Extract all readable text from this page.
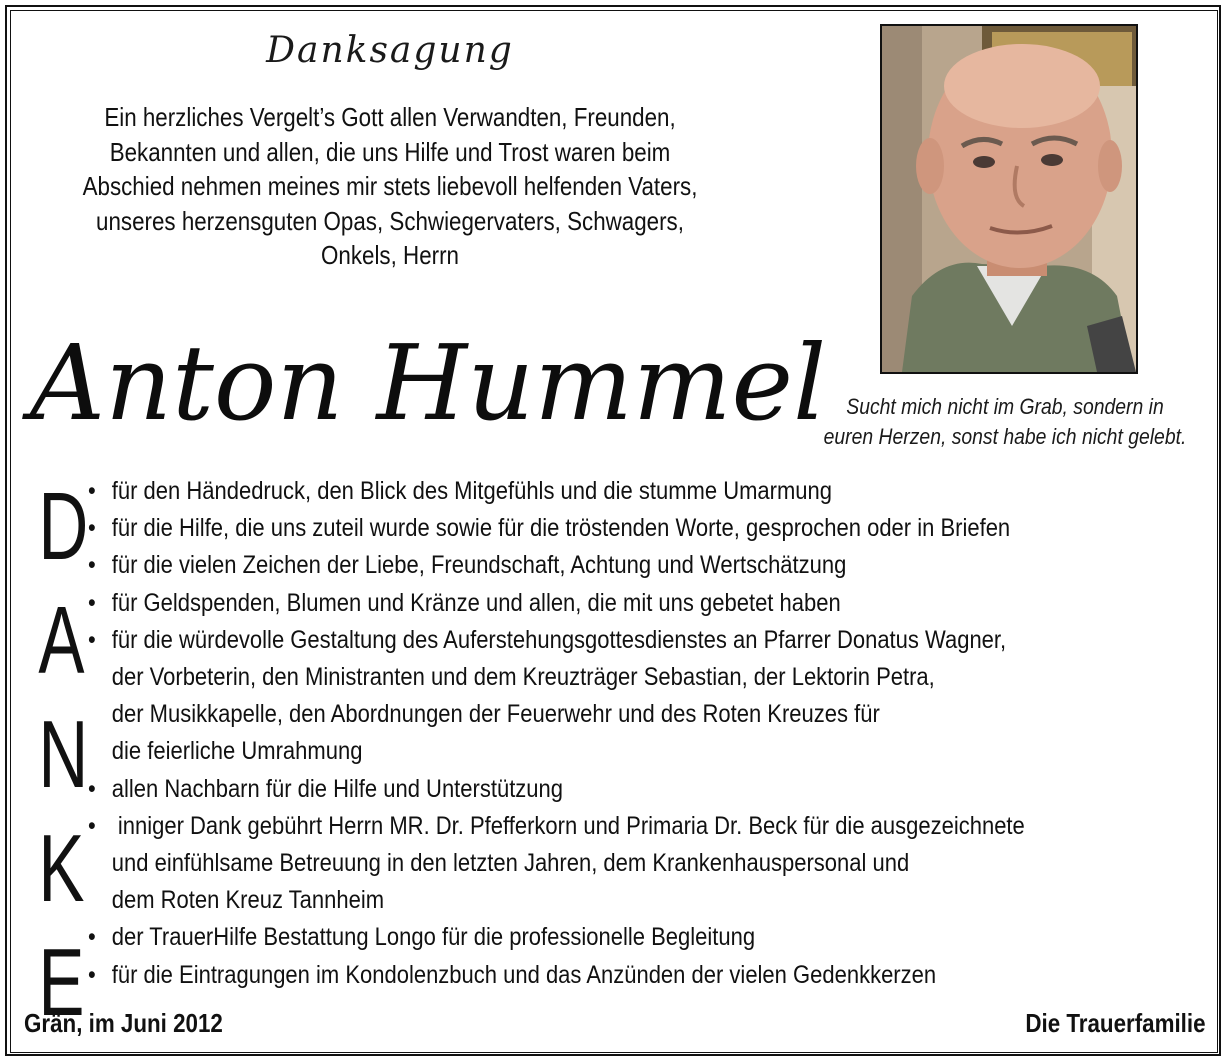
Danksagung
Ein herzliches Vergelt’s Gott allen Verwandten, Freunden,
Bekannten und allen, die uns Hilfe und Trost waren beim
Abschied nehmen meines mir stets liebevoll helfenden Vaters,
unseres herzensguten Opas, Schwiegervaters, Schwagers,
Onkels, Herrn
Anton Hummel Sucht mich nicht im Grab, sondern in
euren Herzen, sonst habe ich nicht gelebt.
D
A
N
K
E
• für den Händedruck, den Blick des Mitgefühls und die stumme Umarmung
• für die Hilfe, die uns zuteil wurde sowie für die tröstenden Worte, gesprochen oder in Briefen
• für die vielen Zeichen der Liebe, Freundschaft, Achtung und Wertschätzung
• für Geldspenden, Blumen und Kränze und allen, die mit uns gebetet haben
• für die würdevolle Gestaltung des Auferstehungsgottesdienstes an Pfarrer Donatus Wagner,
der Vorbeterin, den Ministranten und dem Kreuzträger Sebastian, der Lektorin Petra,
der Musikkapelle, den Abordnungen der Feuerwehr und des Roten Kreuzes für
die feierliche Umrahmung
• allen Nachbarn für die Hilfe und Unterstützung
• inniger Dank gebührt Herrn MR. Dr. Pfefferkorn und Primaria Dr. Beck für die ausgezeichnete
und einfühlsame Betreuung in den letzten Jahren, dem Krankenhauspersonal und
dem Roten Kreuz Tannheim
• der TrauerHilfe Bestattung Longo für die professionelle Begleitung
• für die Eintragungen im Kondolenzbuch und das Anzünden der vielen Gedenkkerzen
Grän, im Juni 2012	Die Trauerfamilie
